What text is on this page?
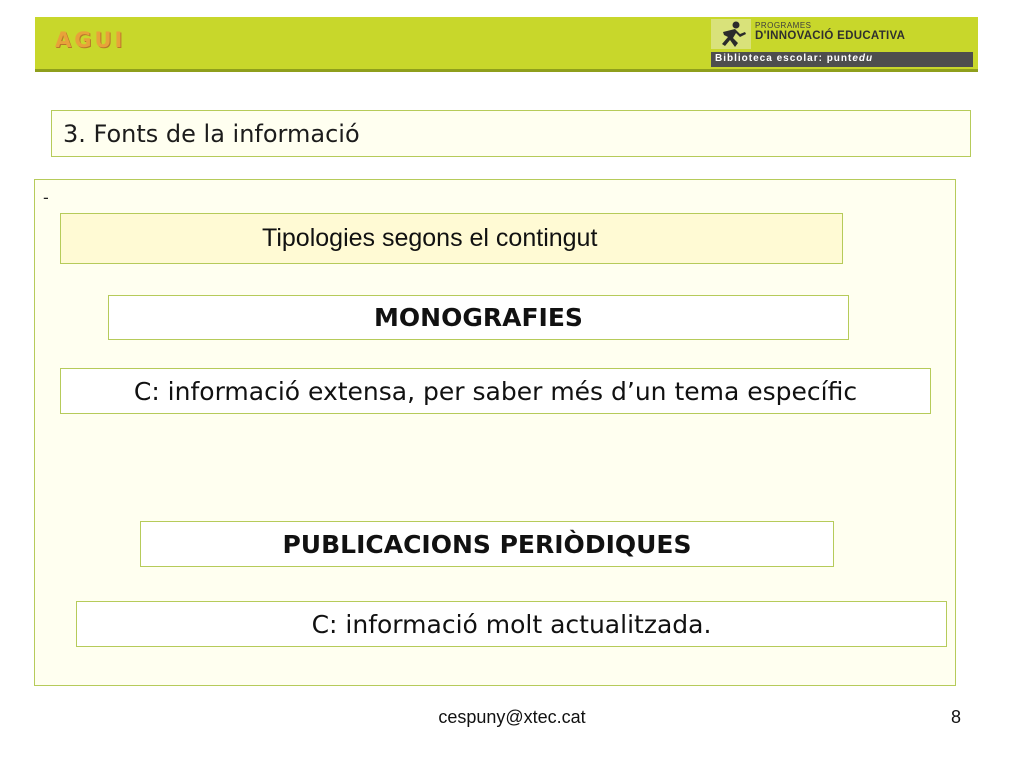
AGUI
PROGRAMES
D'INNOVACIÓ EDUCATIVA
Biblioteca escolar: puntedu
3. Fonts de la informació
-
Tipologies segons el contingut
MONOGRAFIES
C: informació extensa, per saber més d’un tema específic
PUBLICACIONS PERIÒDIQUES
C: informació molt actualitzada.
cespuny@xtec.cat	8
